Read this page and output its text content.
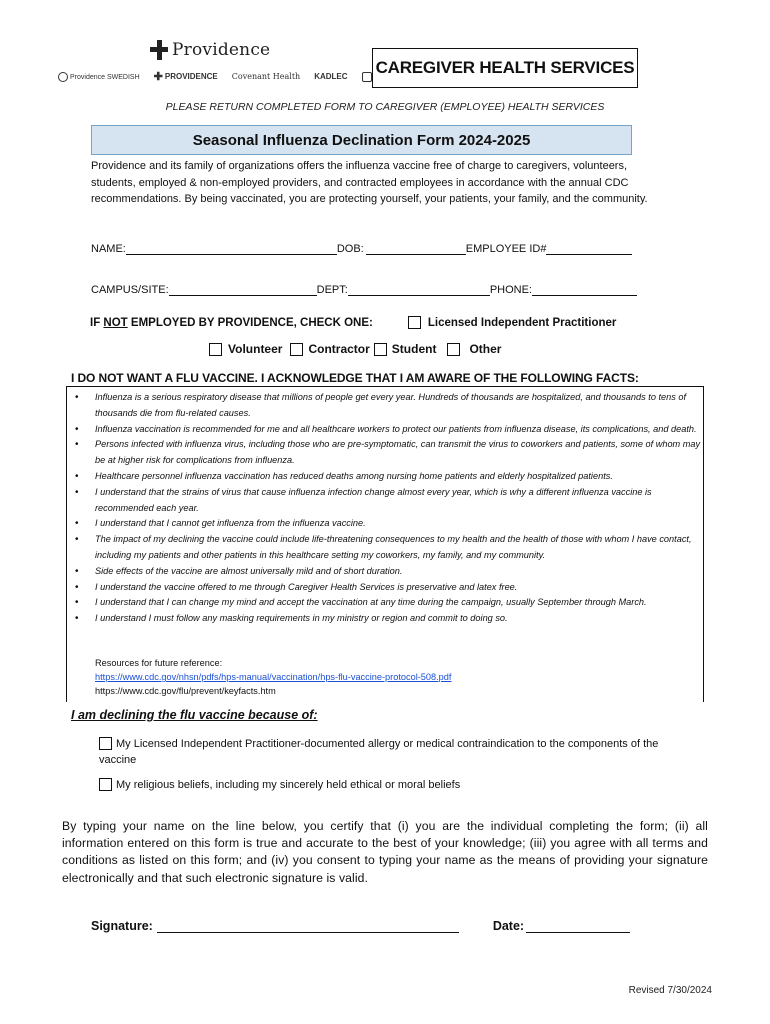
Providence
Providence SWEDISH ✚ PROVIDENCE Covenant Health KADLEC CAREGIVER HEALTH SERVICES
PLEASE RETURN COMPLETED FORM TO CAREGIVER (EMPLOYEE) HEALTH SERVICES
Seasonal Influenza Declination Form 2024-2025
Providence and its family of organizations offers the influenza vaccine free of charge to caregivers, volunteers, students, employed & non-employed providers, and contracted employees in accordance with the annual CDC recommendations. By being vaccinated, you are protecting yourself, your patients, your family, and the community.
NAME:	DOB:	EMPLOYEE ID#
CAMPUS/SITE:	DEPT:	PHONE:
IF NOT EMPLOYED BY PROVIDENCE, CHECK ONE:	Licensed Independent Practitioner
Volunteer Contractor Student	Other
I DO NOT WANT A FLU VACCINE. I ACKNOWLEDGE THAT I AM AWARE OF THE FOLLOWING FACTS:
• Influenza is a serious respiratory disease that millions of people get every year. Hundreds of thousands are hospitalized, and thousands to tens of thousands die from flu-related causes.
• Influenza vaccination is recommended for me and all healthcare workers to protect our patients from influenza disease, its complications, and death.
• Persons infected with influenza virus, including those who are pre-symptomatic, can transmit the virus to coworkers and patients, some of whom may be at higher risk for complications from influenza.
• Healthcare personnel influenza vaccination has reduced deaths among nursing home patients and elderly hospitalized patients.
• I understand that the strains of virus that cause influenza infection change almost every year, which is why a different influenza vaccine is recommended each year.
• I understand that I cannot get influenza from the influenza vaccine.
• The impact of my declining the vaccine could include life-threatening consequences to my health and the health of those with whom I have contact, including my patients and other patients in this healthcare setting my coworkers, my family, and my community.
• Side effects of the vaccine are almost universally mild and of short duration.
• I understand the vaccine offered to me through Caregiver Health Services is preservative and latex free.
• I understand that I can change my mind and accept the vaccination at any time during the campaign, usually September through March.
• I understand I must follow any masking requirements in my ministry or region and commit to doing so.
Resources for future reference:
https://www.cdc.gov/nhsn/pdfs/hps-manual/vaccination/hps-flu-vaccine-protocol-508.pdf
https://www.cdc.gov/flu/prevent/keyfacts.htm
I am declining the flu vaccine because of:
My Licensed Independent Practitioner-documented allergy or medical contraindication to the components of the vaccine
My religious beliefs, including my sincerely held ethical or moral beliefs
By typing your name on the line below, you certify that (i) you are the individual completing the form; (ii) all information entered on this form is true and accurate to the best of your knowledge; (iii) you agree with all terms and conditions as listed on this form; and (iv) you consent to typing your name as the means of providing your signature electronically and that such electronic signature is valid.
Signature:	Date:
Revised 7/30/2024
